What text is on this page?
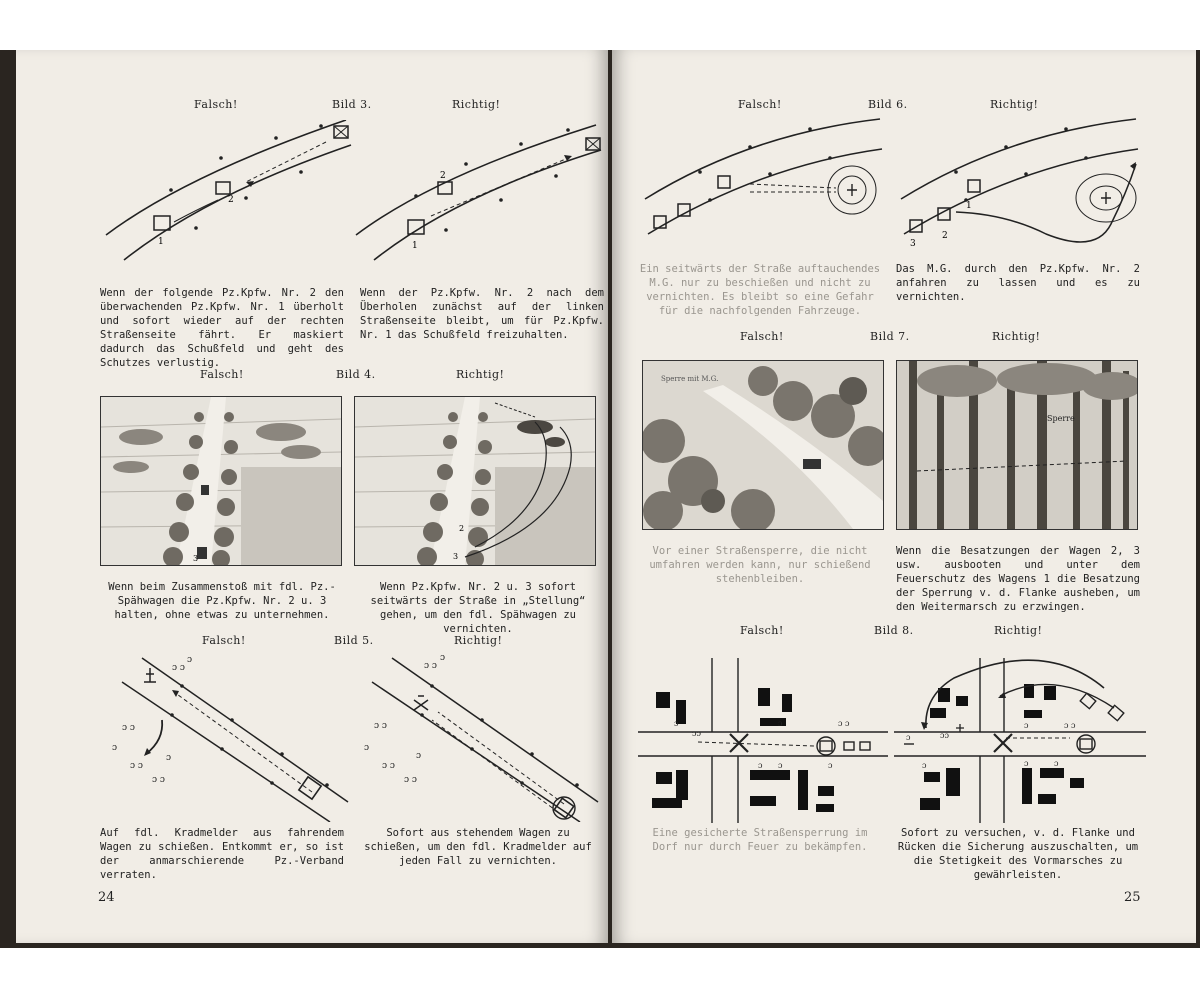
Falsch!	Bild 3.	Richtig!
1
2
1
2
Wenn der folgende Pz.Kpfw. Nr. 2 den überwachenden Pz.Kpfw. Nr. 1 überholt und sofort wieder auf der rechten Straßenseite fährt. Er maskiert dadurch das Schußfeld und geht des Schutzes verlustig.
Wenn der Pz.Kpfw. Nr. 2 nach dem Überholen zunächst auf der linken Straßenseite bleibt, um für Pz.Kpfw. Nr. 1 das Schußfeld freizuhalten.
Falsch!	Bild 4.	Richtig!
3
2
3
Wenn beim Zusammenstoß mit fdl. Pz.-Spähwagen die Pz.Kpfw. Nr. 2 u. 3 halten, ohne etwas zu unternehmen.
Wenn Pz.Kpfw. Nr. 2 u. 3 sofort seitwärts der Straße in „Stellung“ gehen, um den fdl. Spähwagen zu vernichten.
Falsch!	Bild 5.	Richtig!
ɔ ɔ
ɔ
ɔ ɔ
ɔ
ɔ ɔ
ɔ ɔ
ɔ
ɔ ɔ
ɔ
ɔ ɔ
ɔ
ɔ ɔ
ɔ ɔ
ɔ
Auf fdl. Kradmelder aus fahrendem Wagen zu schießen. Entkommt er, so ist der anmarschierende Pz.-Verband verraten.
Sofort aus stehendem Wagen zu schießen, um den fdl. Kradmelder auf jeden Fall zu vernichten.
24
Falsch!	Bild 6.	Richtig!
1
2
3
Ein seitwärts der Straße auftauchendes M.G. nur zu beschießen und nicht zu vernichten. Es bleibt so eine Gefahr für die nachfolgenden Fahrzeuge.
Das M.G. durch den Pz.Kpfw. Nr. 2 anfahren zu lassen und es zu vernichten.
Falsch!	Bild 7.	Richtig!
Sperre mit M.G.
Sperre
Vor einer Straßensperre, die nicht umfahren werden kann, nur schießend stehenbleiben.
Wenn die Besatzungen der Wagen 2, 3 usw. ausbooten und unter dem Feuerschutz des Wagens 1 die Besatzung der Sperrung v. d. Flanke ausheben, um den Weitermarsch zu erzwingen.
Falsch!	Bild 8.	Richtig!
ɔ
ɔɔ
ɔ	ɔ ɔ
ɔ ɔ	ɔ
ɔ	ɔɔ
ɔ	ɔ ɔ
ɔ	ɔ	ɔ
Eine gesicherte Straßensperrung im Dorf nur durch Feuer zu bekämpfen.
Sofort zu versuchen, v. d. Flanke und Rücken die Sicherung auszuschalten, um die Stetigkeit des Vormarsches zu gewährleisten.
25
